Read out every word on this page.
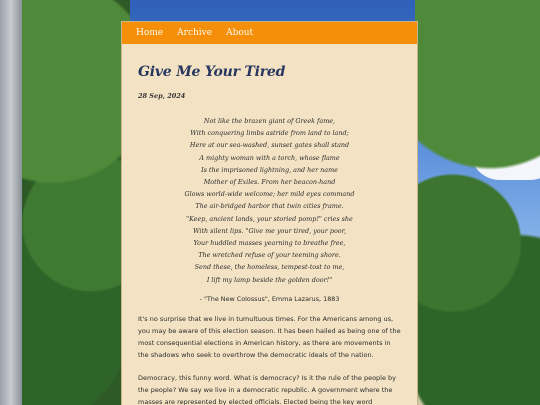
Home Archive About
Give Me Your Tired
28 Sep, 2024
Not like the brazen giant of Greek fame,
With conquering limbs astride from land to land;
Here at our sea-washed, sunset gates shall stand
A mighty woman with a torch, whose flame
Is the imprisoned lightning, and her name
Mother of Exiles. From her beacon-hand
Glows world-wide welcome; her mild eyes command
The air-bridged harbor that twin cities frame.
"Keep, ancient lands, your storied pomp!" cries she
With silent lips. "Give me your tired, your poor,
Your huddled masses yearning to breathe free,
The wretched refuse of your teeming shore.
Send these, the homeless, tempest-tost to me,
I lift my lamp beside the golden door!"
- "The New Colossus", Emma Lazarus, 1883

It's no surprise that we live in tumultuous times. For the Americans among us, you may be aware of this election season. It has been hailed as being one of the most consequential elections in American history, as there are movements in the shadows who seek to overthrow the democratic ideals of the nation.

Democracy, this funny word. What is democracy? Is it the rule of the people by the people? We say we live in a democratic republic. A government where the masses are represented by elected officials. Elected being the key word
